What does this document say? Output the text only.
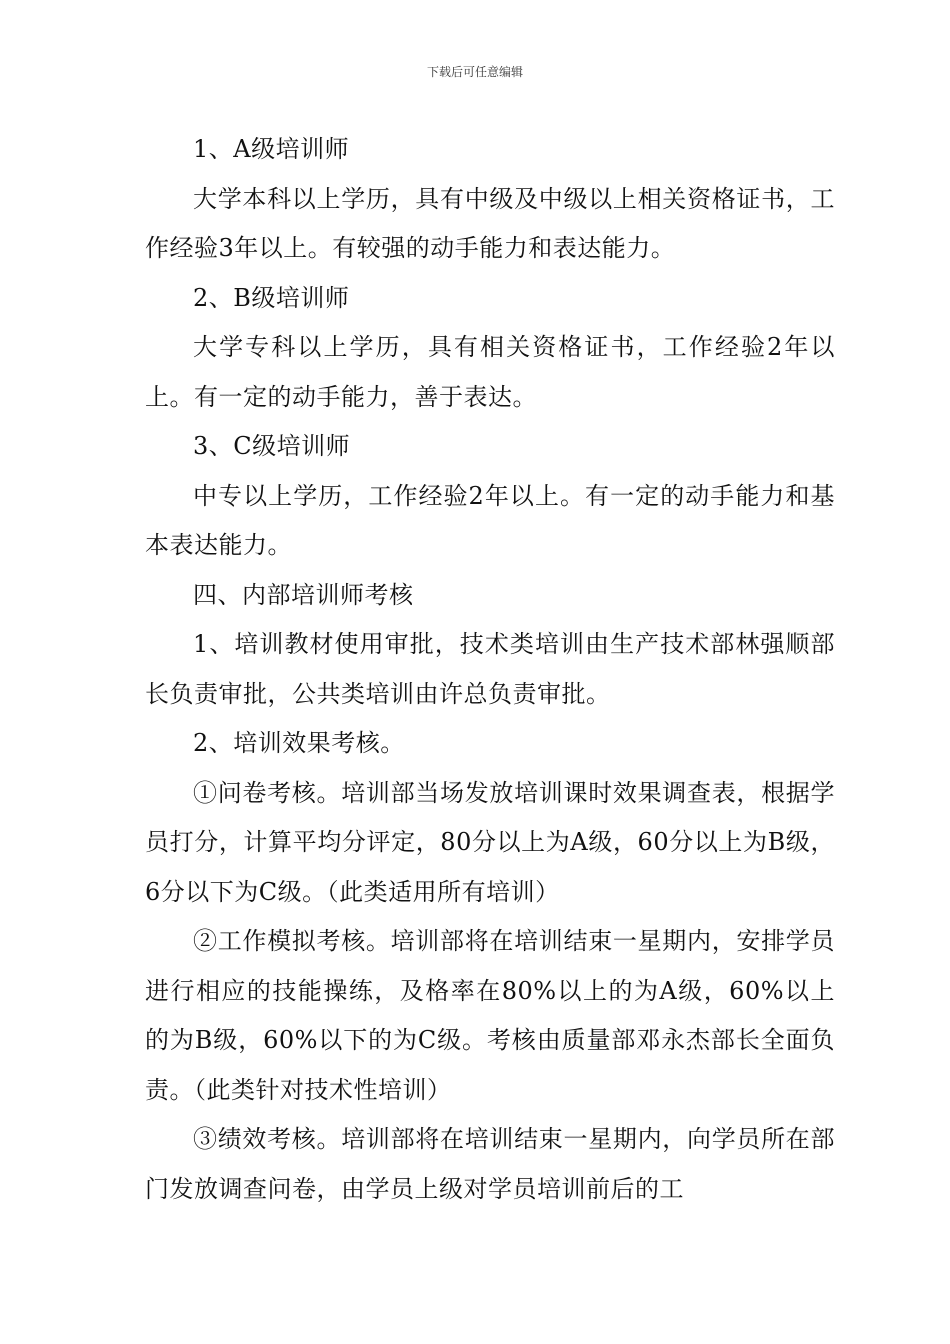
下载后可任意编辑

1、A级培训师

大学本科以上学历，具有中级及中级以上相关资格证书，工作经验3年以上。有较强的动手能力和表达能力。

2、B级培训师

大学专科以上学历，具有相关资格证书，工作经验2年以上。有一定的动手能力，善于表达。

3、C级培训师

中专以上学历，工作经验2年以上。有一定的动手能力和基本表达能力。

四、内部培训师考核

1、培训教材使用审批，技术类培训由生产技术部林强顺部长负责审批，公共类培训由许总负责审批。

2、培训效果考核。

①问卷考核。培训部当场发放培训课时效果调查表，根据学员打分，计算平均分评定，80分以上为A级，60分以上为B级，6分以下为C级。（此类适用所有培训）

②工作模拟考核。培训部将在培训结束一星期内，安排学员进行相应的技能操练，及格率在80%以上的为A级，60%以上的为B级，60%以下的为C级。考核由质量部邓永杰部长全面负责。（此类针对技术性培训）

③绩效考核。培训部将在培训结束一星期内，向学员所在部门发放调查问卷，由学员上级对学员培训前后的工
